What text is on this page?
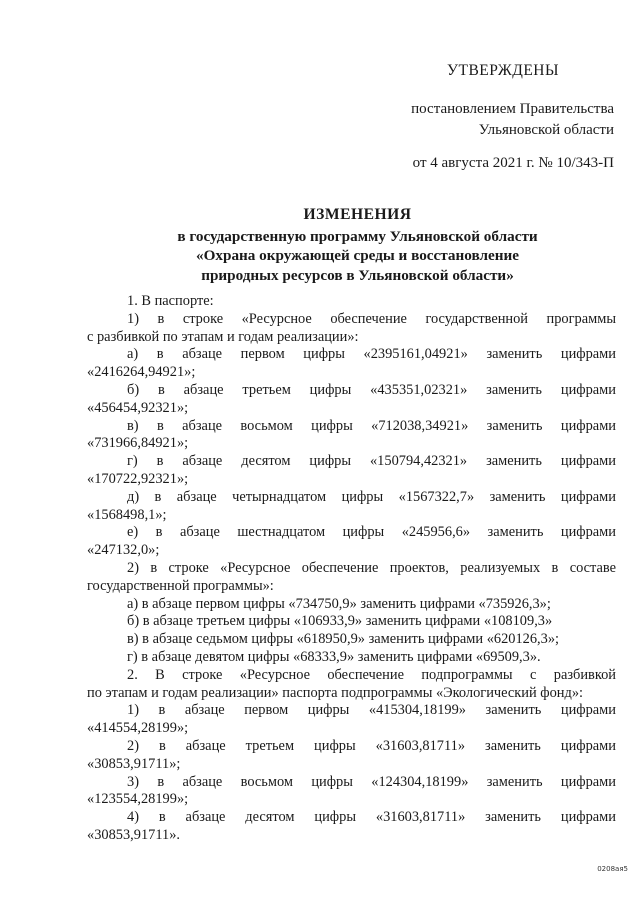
УТВЕРЖДЕНЫ
постановлением Правительства
Ульяновской области
от 4 августа 2021 г. № 10/343-П
ИЗМЕНЕНИЯ
в государственную программу Ульяновской области
«Охрана окружающей среды и восстановление
природных ресурсов в Ульяновской области»

1. В паспорте:

1) в строке «Ресурсное обеспечение государственной программы

с разбивкой по этапам и годам реализации»:

а) в абзаце первом цифры «2395161,04921» заменить цифрами

«2416264,94921»;

б) в абзаце третьем цифры «435351,02321» заменить цифрами

«456454,92321»;

в) в абзаце восьмом цифры «712038,34921» заменить цифрами

«731966,84921»;

г) в абзаце десятом цифры «150794,42321» заменить цифрами

«170722,92321»;

д) в абзаце четырнадцатом цифры «1567322,7» заменить цифрами

«1568498,1»;

е) в абзаце шестнадцатом цифры «245956,6» заменить цифрами

«247132,0»;

2) в строке «Ресурсное обеспечение проектов, реализуемых в составе

государственной программы»:

а) в абзаце первом цифры «734750,9» заменить цифрами «735926,3»;

б) в абзаце третьем цифры «106933,9» заменить цифрами «108109,3»

в) в абзаце седьмом цифры «618950,9» заменить цифрами «620126,3»;

г) в абзаце девятом цифры «68333,9» заменить цифрами «69509,3».

2. В строке «Ресурсное обеспечение подпрограммы с разбивкой

по этапам и годам реализации» паспорта подпрограммы «Экологический фонд»:

1) в абзаце первом цифры «415304,18199» заменить цифрами

«414554,28199»;

2) в абзаце третьем цифры «31603,81711» заменить цифрами

«30853,91711»;

3) в абзаце восьмом цифры «124304,18199» заменить цифрами

«123554,28199»;

4) в абзаце десятом цифры «31603,81711» заменить цифрами

«30853,91711».

0208ая5
